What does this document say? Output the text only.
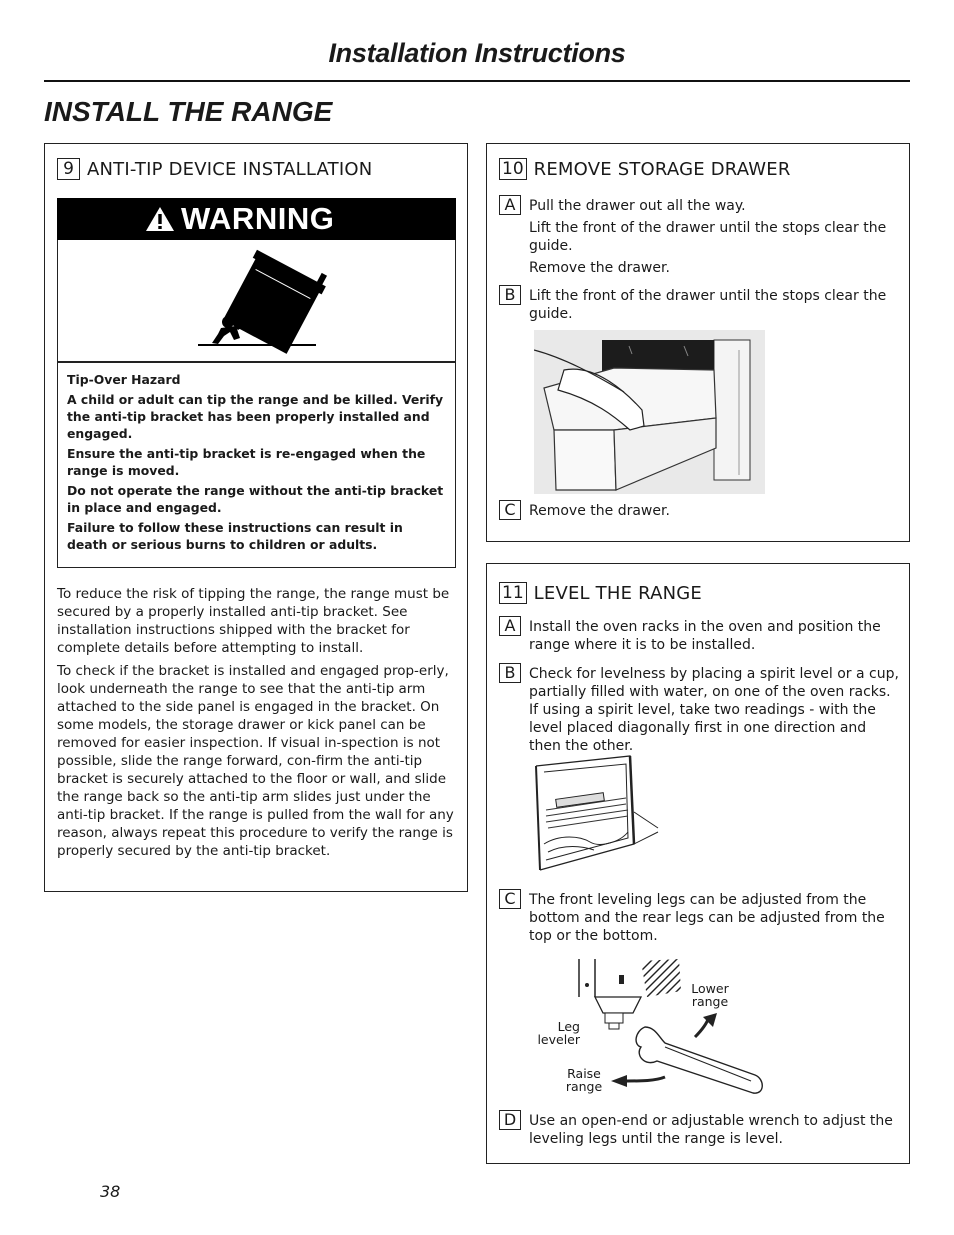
Installation Instructions
INSTALL THE RANGE
9 ANTI-TIP DEVICE INSTALLATION
WARNING

Tip-Over Hazard

A child or adult can tip the range and be killed. Verify the anti-tip bracket has been properly installed and engaged.

Ensure the anti-tip bracket is re-engaged when the range is moved.

Do not operate the range without the anti-tip bracket in place and engaged.

Failure to follow these instructions can result in death or serious burns to children or adults.

To reduce the risk of tipping the range, the range must be secured by a properly installed anti-tip bracket. See installation instructions shipped with the bracket for complete details before attempting to install.

To check if the bracket is installed and engaged prop-erly, look underneath the range to see that the anti-tip arm attached to the side panel is engaged in the bracket. On some models, the storage drawer or kick panel can be removed for easier inspection. If visual in-spection is not possible, slide the range forward, con-firm the anti-tip bracket is securely attached to the floor or wall, and slide the range back so the anti-tip arm slides just under the anti-tip bracket. If the range is pulled from the wall for any reason, always repeat this procedure to verify the range is properly secured by the anti-tip bracket.

10 REMOVE STORAGE DRAWER
A Pull the drawer out all the way.

Lift the front of the drawer until the stops clear the guide.

Remove the drawer.

B Lift the front of the drawer until the stops clear the guide.

C Remove the drawer.

11 LEVEL THE RANGE
A Install the oven racks in the oven and position the range where it is to be installed.

B Check for levelness by placing a spirit level or a cup, partially filled with water, on one of the oven racks. If using a spirit level, take two readings - with the level placed diagonally first in one direction and then the other.

C The front leveling legs can be adjusted from the bottom and the rear legs can be adjusted from the top or the bottom.

Lower range
Leg leveler
Raise range
D Use an open-end or adjustable wrench to adjust the leveling legs until the range is level.

38
